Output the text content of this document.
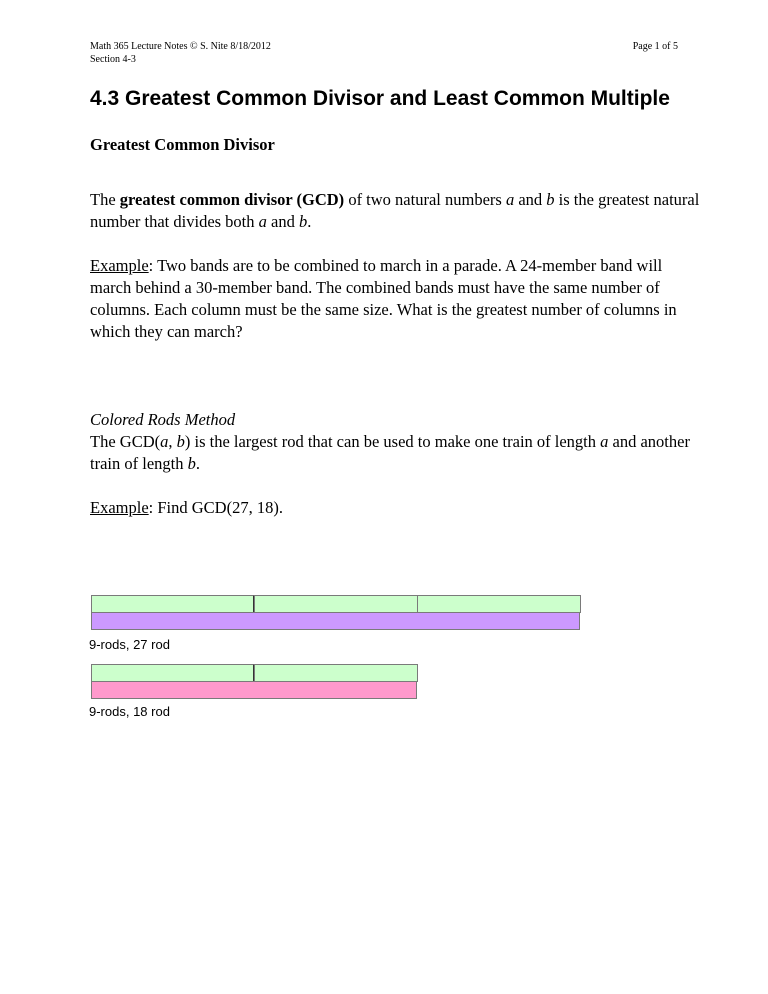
Math 365 Lecture Notes © S. Nite 8/18/2012
Section 4-3
Page 1 of 5
4.3 Greatest Common Divisor and Least Common Multiple

Greatest Common Divisor

The greatest common divisor (GCD) of two natural numbers a and b is the greatest natural number that divides both a and b.

Example: Two bands are to be combined to march in a parade. A 24-member band will march behind a 30-member band. The combined bands must have the same number of columns. Each column must be the same size. What is the greatest number of columns in which they can march?

Colored Rods Method
The GCD(a, b) is the largest rod that can be used to make one train of length a and another train of length b.

Example: Find GCD(27, 18).

9-rods, 27 rod
9-rods, 18 rod
